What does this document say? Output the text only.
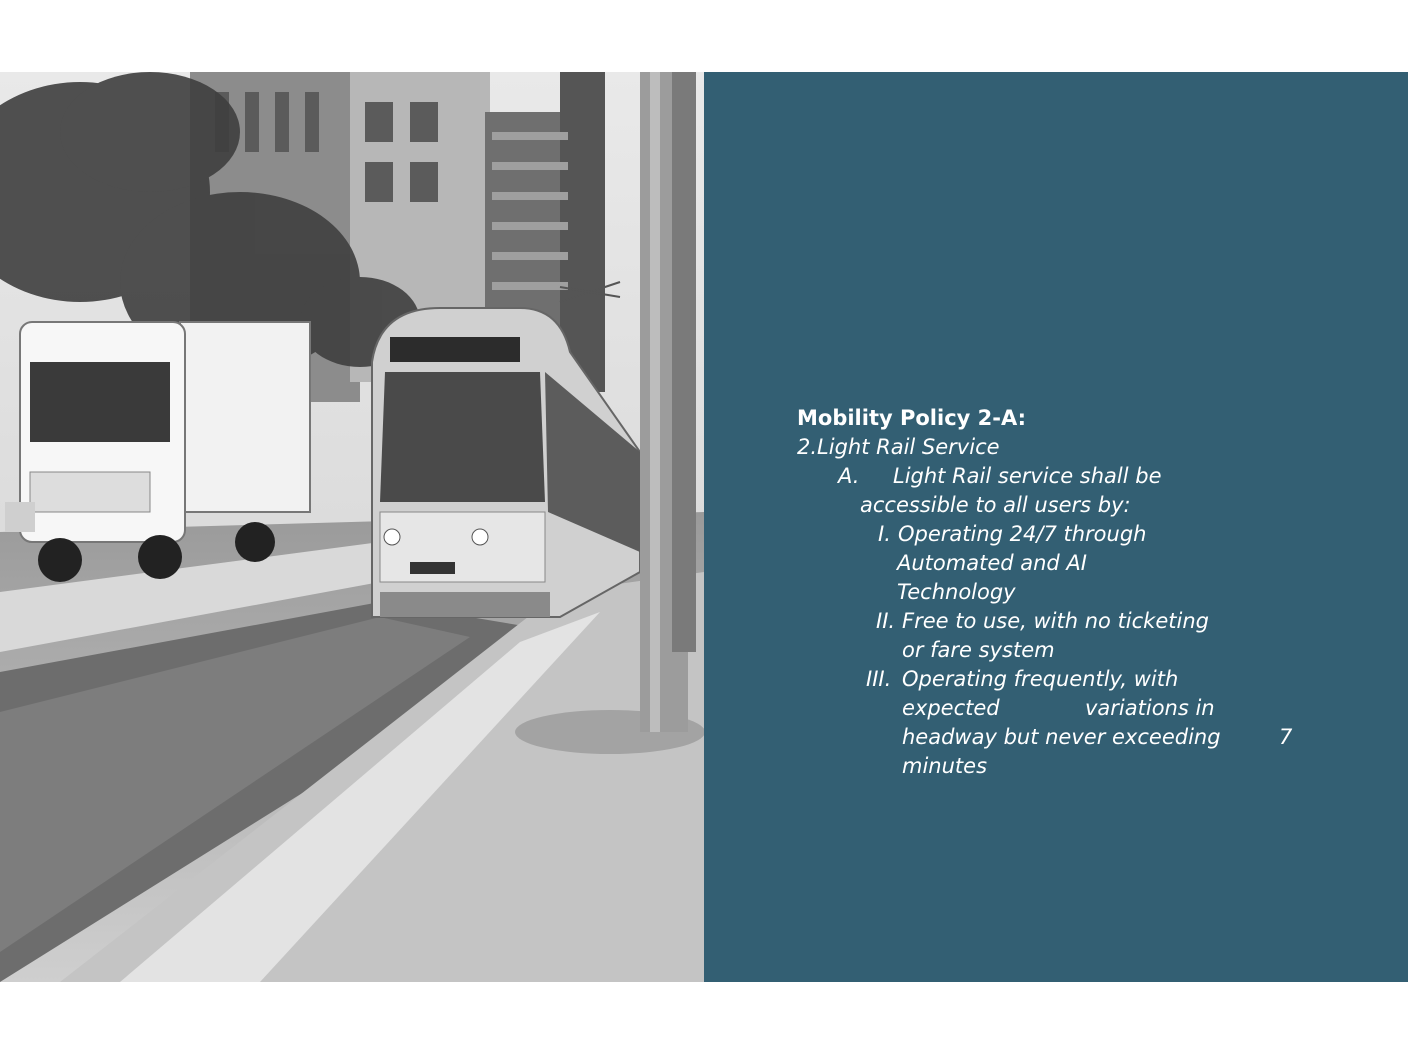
Mobility Policy 2-A:
2.Light Rail Service
A. Light Rail service shall be
accessible to all users by:
I. Operating 24/7 through
Automated and AI
Technology
II. Free to use, with no ticketing
or fare system
III. Operating frequently, with
expected	variations in
headway but never exceeding	7
minutes
